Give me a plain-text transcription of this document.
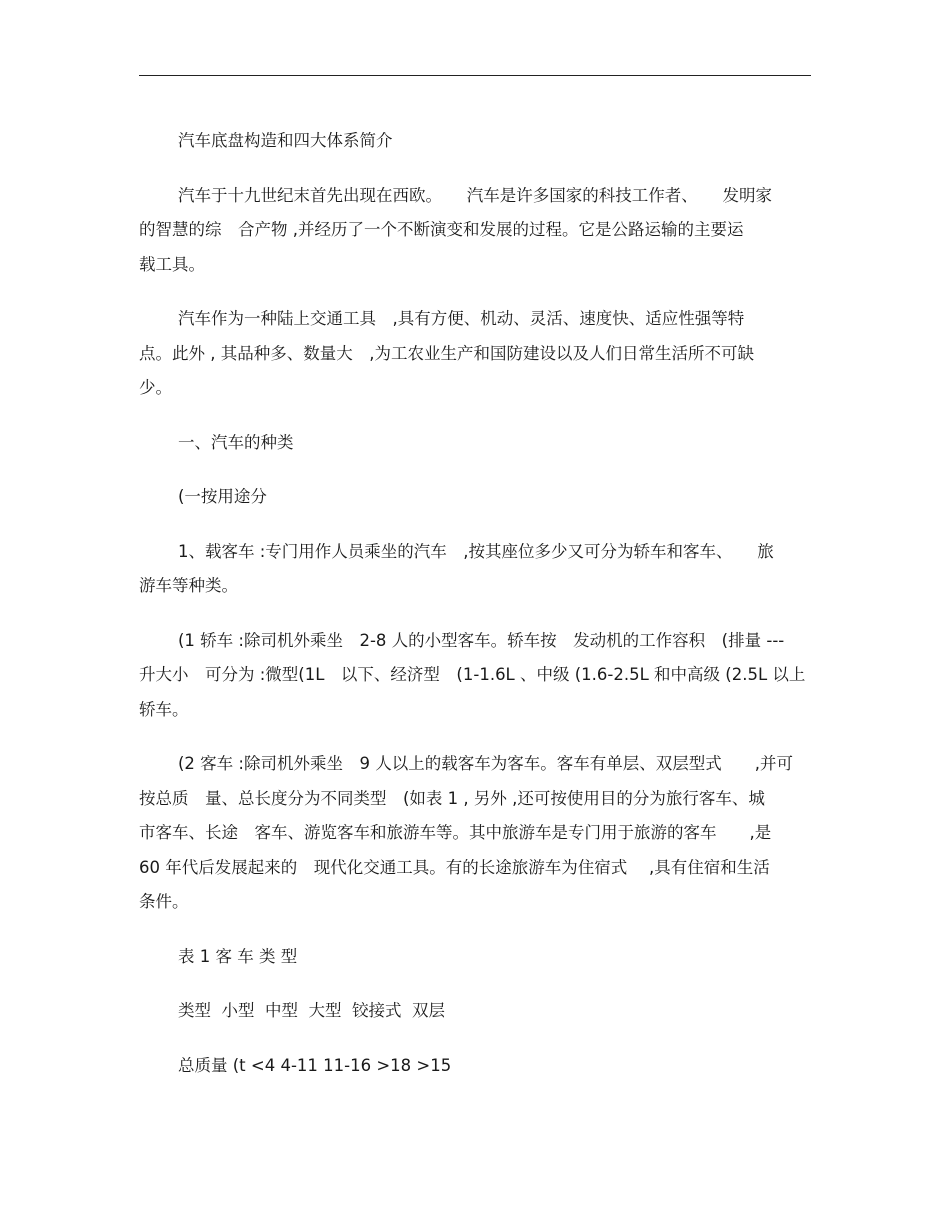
汽车底盘构造和四大体系简介

汽车于十九世纪末首先出现在西欧。　　汽车是许多国家的科技工作者、　　发明家
的智慧的综　合产物 ,并经历了一个不断演变和发展的过程。它是公路运输的主要运
载工具。

汽车作为一种陆上交通工具　,具有方便、机动、灵活、速度快、适应性强等特
点。此外 , 其品种多、数量大　,为工农业生产和国防建设以及人们日常生活所不可缺
少。

一、汽车的种类

(一按用途分

1、载客车 :专门用作人员乘坐的汽车　,按其座位多少又可分为轿车和客车、　　旅
游车等种类。

(1 轿车 :除司机外乘坐　2-8 人的小型客车。轿车按　发动机的工作容积　(排量 ---
升大小　可分为 :微型(1L　以下、经济型　(1-1.6L 、中级 (1.6-2.5L 和中高级 (2.5L 以上
轿车。

(2 客车 :除司机外乘坐　9 人以上的载客车为客车。客车有单层、双层型式　　,并可
按总质　量、总长度分为不同类型　(如表 1 , 另外 ,还可按使用目的分为旅行客车、城
市客车、长途　客车、游览客车和旅游车等。其中旅游车是专门用于旅游的客车　　,是
60 年代后发展起来的　现代化交通工具。有的长途旅游车为住宿式　 ,具有住宿和生活
条件。

表 1 客 车 类 型

类型  小型  中型  大型  铰接式  双层

总质量 (t <4 4-11 11-16 >18 >15
